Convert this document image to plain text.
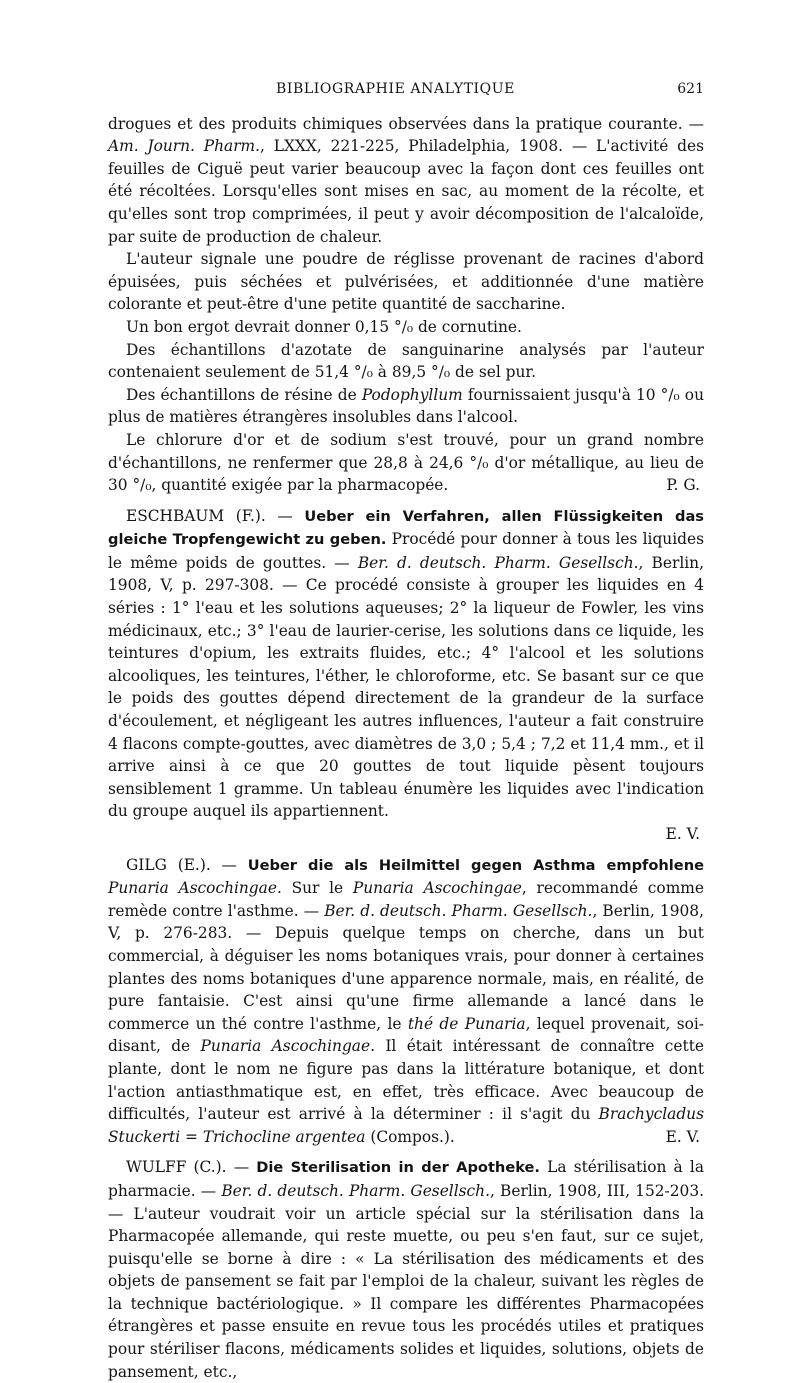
BIBLIOGRAPHIE ANALYTIQUE	621

drogues et des produits chimiques observées dans la pratique courante. — Am. Journ. Pharm., LXXX, 221-225, Philadelphia, 1908. — L'activité des feuilles de Ciguë peut varier beaucoup avec la façon dont ces feuilles ont été récoltées. Lorsqu'elles sont mises en sac, au moment de la récolte, et qu'elles sont trop comprimées, il peut y avoir décomposition de l'alcaloïde, par suite de production de chaleur.

L'auteur signale une poudre de réglisse provenant de racines d'abord épuisées, puis séchées et pulvérisées, et additionnée d'une matière colorante et peut-être d'une petite quantité de saccharine.

Un bon ergot devrait donner 0,15 °/₀ de cornutine.

Des échantillons d'azotate de sanguinarine analysés par l'auteur contenaient seulement de 51,4 °/₀ à 89,5 °/₀ de sel pur.

Des échantillons de résine de Podophyllum fournissaient jusqu'à 10 °/₀ ou plus de matières étrangères insolubles dans l'alcool.

Le chlorure d'or et de sodium s'est trouvé, pour un grand nombre d'échantillons, ne renfermer que 28,8 à 24,6 °/₀ d'or métallique, au lieu de 30 °/₀, quantité exigée par la pharmacopée.	P. G.

ESCHBAUM (F.). — Ueber ein Verfahren, allen Flüssigkeiten das gleiche Tropfengewicht zu geben. Procédé pour donner à tous les liquides le même poids de gouttes. — Ber. d. deutsch. Pharm. Gesellsch., Berlin, 1908, V, p. 297-308. — Ce procédé consiste à grouper les liquides en 4 séries : 1° l'eau et les solutions aqueuses; 2° la liqueur de Fowler, les vins médicinaux, etc.; 3° l'eau de laurier-cerise, les solutions dans ce liquide, les teintures d'opium, les extraits fluides, etc.; 4° l'alcool et les solutions alcooliques, les teintures, l'éther, le chloroforme, etc. Se basant sur ce que le poids des gouttes dépend directement de la grandeur de la surface d'écoulement, et négligeant les autres influences, l'auteur a fait construire 4 flacons compte-gouttes, avec diamètres de 3,0 ; 5,4 ; 7,2 et 11,4 mm., et il arrive ainsi à ce que 20 gouttes de tout liquide pèsent toujours sensiblement 1 gramme. Un tableau énumère les liquides avec l'indication du groupe auquel ils appartiennent.

E. V.

GILG (E.). — Ueber die als Heilmittel gegen Asthma empfohlene Punaria Ascochingae. Sur le Punaria Ascochingae, recommandé comme remède contre l'asthme. — Ber. d. deutsch. Pharm. Gesellsch., Berlin, 1908, V, p. 276-283. — Depuis quelque temps on cherche, dans un but commercial, à déguiser les noms botaniques vrais, pour donner à certaines plantes des noms botaniques d'une apparence normale, mais, en réalité, de pure fantaisie. C'est ainsi qu'une firme allemande a lancé dans le commerce un thé contre l'asthme, le thé de Punaria, lequel provenait, soi-disant, de Punaria Ascochingae. Il était intéressant de connaître cette plante, dont le nom ne figure pas dans la littérature botanique, et dont l'action antiasthmatique est, en effet, très efficace. Avec beaucoup de difficultés, l'auteur est arrivé à la déterminer : il s'agit du Brachycladus Stuckerti = Trichocline argentea (Compos.).	E. V.

WULFF (C.). — Die Sterilisation in der Apotheke. La stérilisation à la pharmacie. — Ber. d. deutsch. Pharm. Gesellsch., Berlin, 1908, III, 152-203. — L'auteur voudrait voir un article spécial sur la stérilisation dans la Pharmacopée allemande, qui reste muette, ou peu s'en faut, sur ce sujet, puisqu'elle se borne à dire : « La stérilisation des médicaments et des objets de pansement se fait par l'emploi de la chaleur, suivant les règles de la technique bactériologique. » Il compare les différentes Pharmacopées étrangères et passe ensuite en revue tous les procédés utiles et pratiques pour stériliser flacons, médicaments solides et liquides, solutions, objets de pansement, etc.,
